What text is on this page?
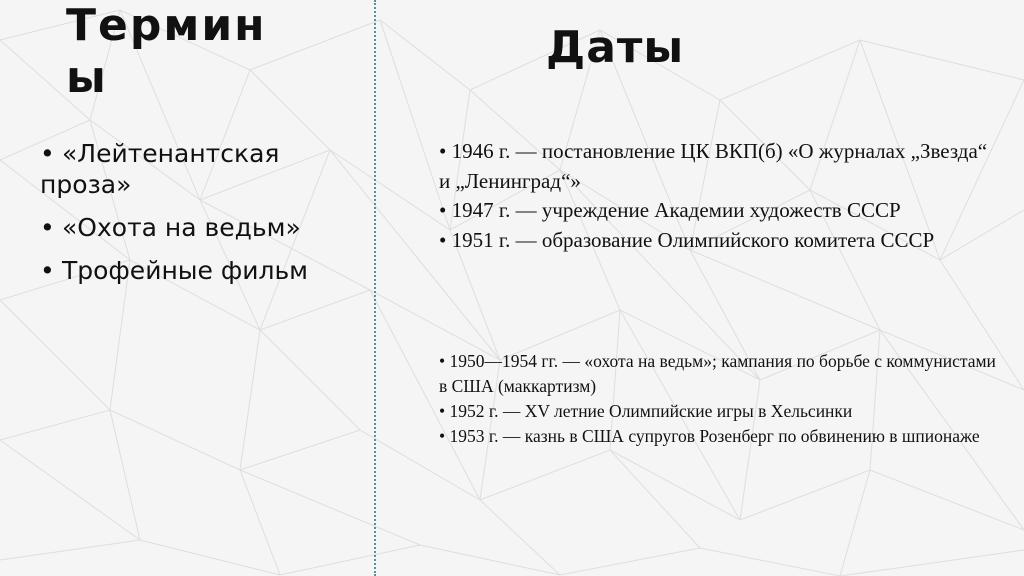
Термины
• «Лейтенантская проза»
• «Охота на ведьм»
• Трофейные фильм
Даты
• 1946 г. — постановление ЦК ВКП(б) «О журналах „Звезда“ и „Ленинград“»
• 1947 г. — учреждение Академии художеств СССР
• 1951 г. — образование Олимпийского комитета СССР
• 1950—1954 гг. — «охота на ведьм»; кампания по борьбе с коммунистами в США (маккартизм)
• 1952 г. — XV летние Олимпийские игры в Хельсинки
• 1953 г. — казнь в США супругов Розенберг по обвинению в шпионаже
